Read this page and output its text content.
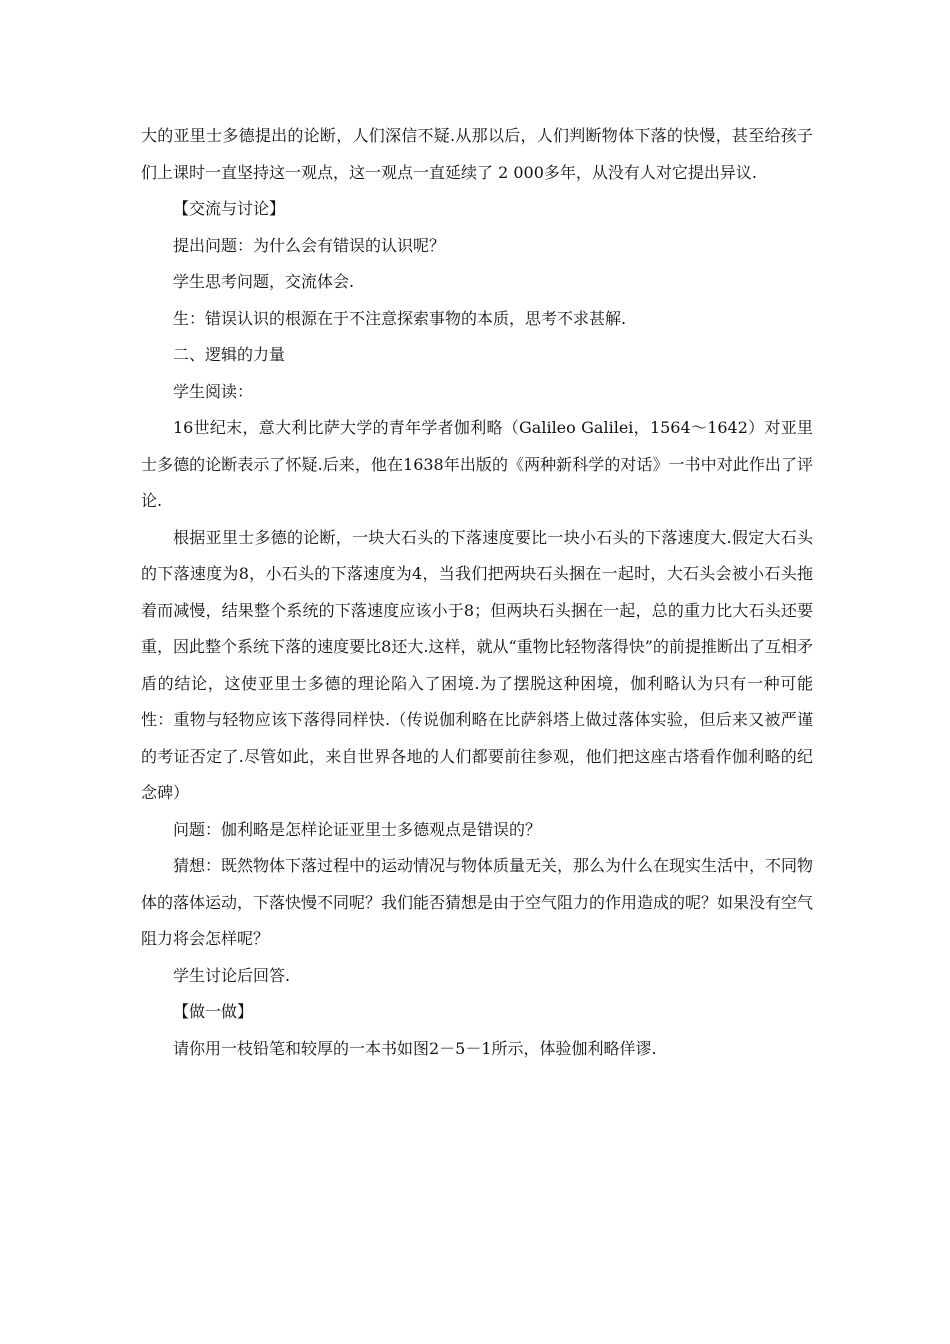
大的亚里士多德提出的论断，人们深信不疑.从那以后，人们判断物体下落的快慢，甚至给孩子们上课时一直坚持这一观点，这一观点一直延续了 2 000多年，从没有人对它提出异议.

【交流与讨论】

提出问题：为什么会有错误的认识呢？

学生思考问题，交流体会.

生：错误认识的根源在于不注意探索事物的本质，思考不求甚解.

二、逻辑的力量

学生阅读：

16世纪末，意大利比萨大学的青年学者伽利略（Galileo Galilei，1564～1642）对亚里士多德的论断表示了怀疑.后来，他在1638年出版的《两种新科学的对话》一书中对此作出了评论.

根据亚里士多德的论断，一块大石头的下落速度要比一块小石头的下落速度大.假定大石头的下落速度为8，小石头的下落速度为4，当我们把两块石头捆在一起时，大石头会被小石头拖着而减慢，结果整个系统的下落速度应该小于8；但两块石头捆在一起，总的重力比大石头还要重，因此整个系统下落的速度要比8还大.这样，就从“重物比轻物落得快”的前提推断出了互相矛盾的结论，这使亚里士多德的理论陷入了困境.为了摆脱这种困境，伽利略认为只有一种可能性：重物与轻物应该下落得同样快.（传说伽利略在比萨斜塔上做过落体实验，但后来又被严谨的考证否定了.尽管如此，来自世界各地的人们都要前往参观，他们把这座古塔看作伽利略的纪念碑）

问题：伽利略是怎样论证亚里士多德观点是错误的？

猜想：既然物体下落过程中的运动情况与物体质量无关，那么为什么在现实生活中，不同物体的落体运动，下落快慢不同呢？我们能否猜想是由于空气阻力的作用造成的呢？如果没有空气阻力将会怎样呢？

学生讨论后回答.

【做一做】

请你用一枝铅笔和较厚的一本书如图2－5－1所示，体验伽利略佯谬.
